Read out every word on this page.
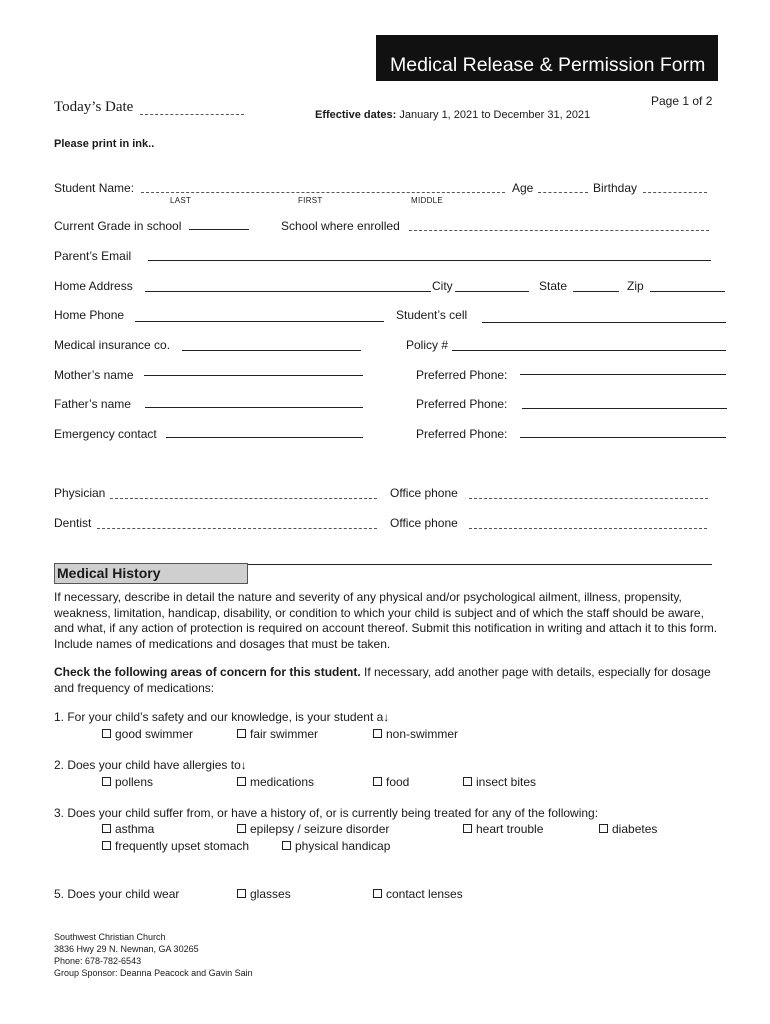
Medical Release & Permission Form
Page 1 of 2
Today’s Date	Effective dates: January 1, 2021 to December 31, 2021
Please print in ink..
Student Name:
LAST	FIRST	MIDDLE
Age	Birthday
Current Grade in school	School where enrolled
Parent’s Email
Home Address	City	State	Zip
Home Phone	Student’s cell
Medical insurance co.	Policy #
Mother’s name	Preferred Phone:
Father’s name	Preferred Phone:
Emergency contact	Preferred Phone:
Physician	Office phone
Dentist	Office phone
Medical History

If necessary, describe in detail the nature and severity of any physical and/or psychological ailment, illness, propensity, weakness, limitation, handicap, disability, or condition to which your child is subject and of which the staff should be aware, and what, if any action of protection is required on account thereof. Submit this notification in writing and attach it to this form. Include names of medications and dosages that must be taken.

Check the following areas of concern for this student. If necessary, add another page with details, especially for dosage and frequency of medications:

1. For your child’s safety and our knowledge, is your student a↓
good swimmer	fair swimmer	non-swimmer
2. Does your child have allergies to↓
pollens	medications	food	insect bites
3. Does your child suffer from, or have a history of, or is currently being treated for any of the following:
asthma	epilepsy / seizure disorder	heart trouble	diabetes
frequently upset stomach	physical handicap
5. Does your child wear	glasses	contact lenses
Southwest Christian Church
3836 Hwy 29 N. Newnan, GA 30265
Phone: 678-782-6543
Group Sponsor: Deanna Peacock and Gavin Sain
